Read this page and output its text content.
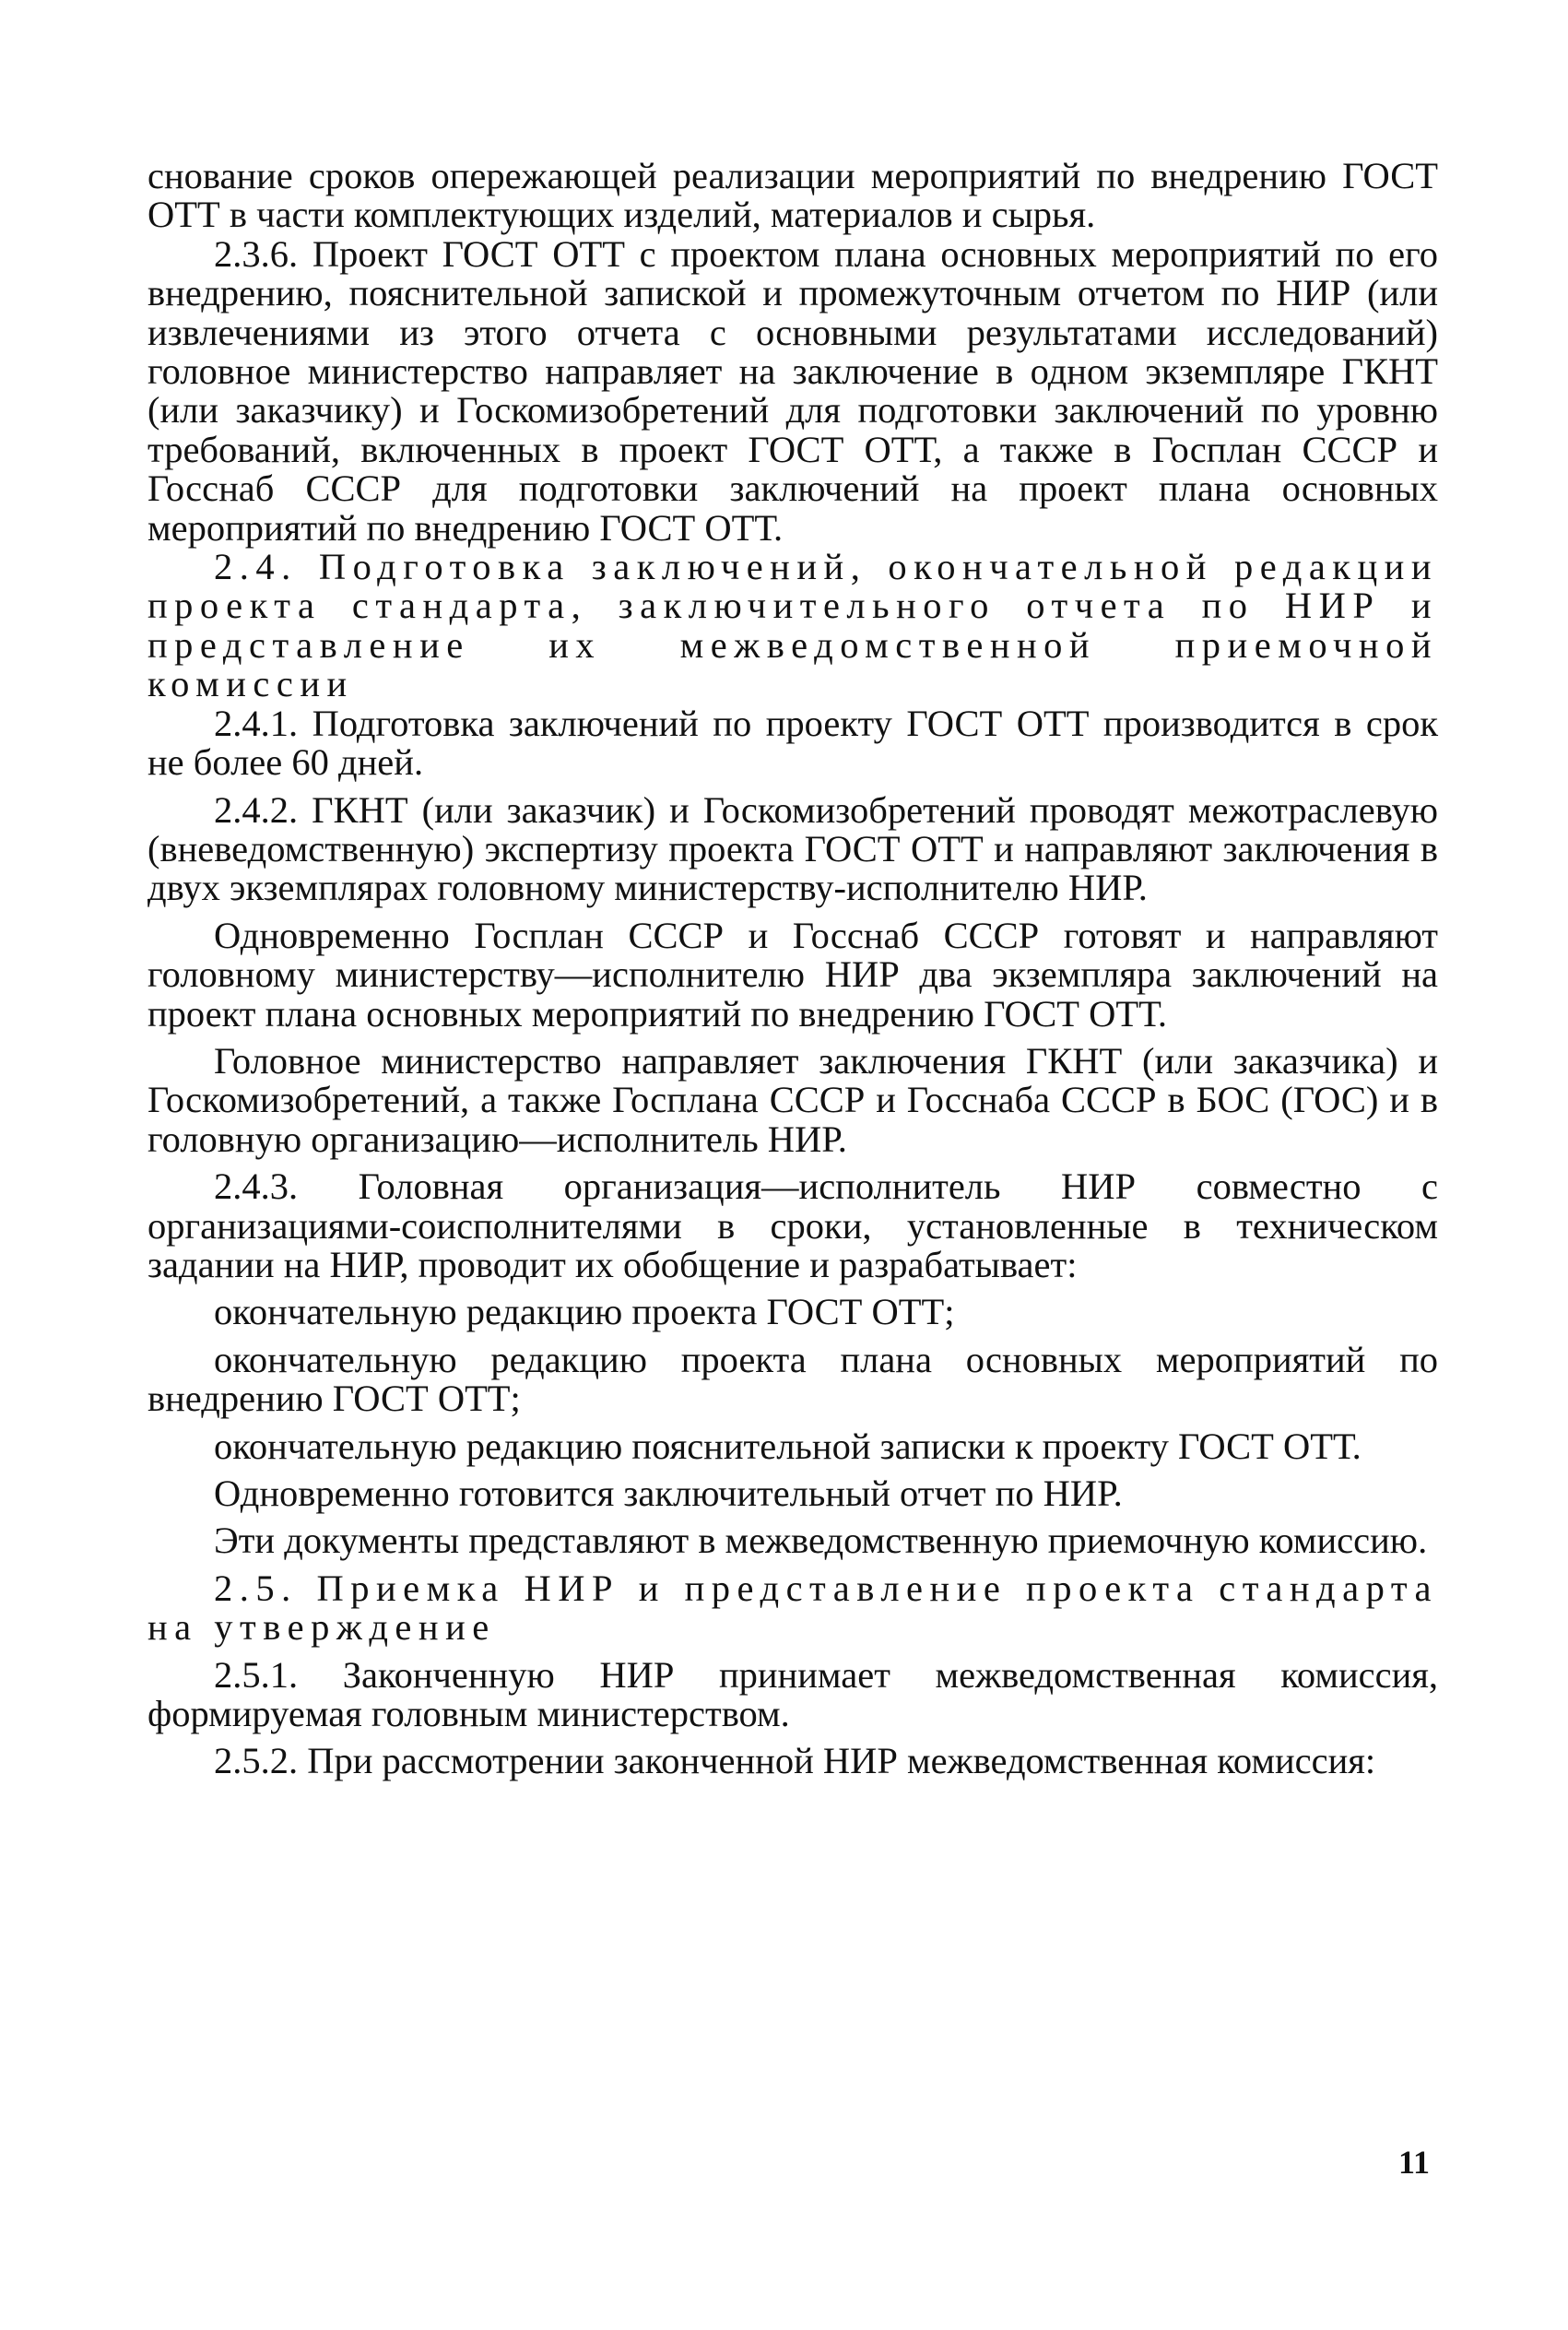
снование сроков опережающей реализации мероприятий по внедрению ГОСТ ОТТ в части комплектующих изделий, материалов и сырья.

2.3.6. Проект ГОСТ ОТТ с проектом плана основных мероприятий по его внедрению, пояснительной запиской и промежуточным отчетом по НИР (или извлечениями из этого отчета с основными результатами исследований) головное министерство направляет на заключение в одном экземпляре ГКНТ (или заказчику) и Госкомизобретений для подготовки заключений по уровню требований, включенных в проект ГОСТ ОТТ, а также в Госплан СССР и Госснаб СССР для подготовки заключений на проект плана основных мероприятий по внедрению ГОСТ ОТТ.

2.4. Подготовка заключений, окончательной редакции проекта стандарта, заключительного отчета по НИР и представление их межведомственной приемочной комиссии

2.4.1. Подготовка заключений по проекту ГОСТ ОТТ производится в срок не более 60 дней.

2.4.2. ГКНТ (или заказчик) и Госкомизобретений проводят межотраслевую (вневедомственную) экспертизу проекта ГОСТ ОТТ и направляют заключения в двух экземплярах головному министерству-исполнителю НИР.

Одновременно Госплан СССР и Госснаб СССР готовят и направляют головному министерству—исполнителю НИР два экземпляра заключений на проект плана основных мероприятий по внедрению ГОСТ ОТТ.

Головное министерство направляет заключения ГКНТ (или заказчика) и Госкомизобретений, а также Госплана СССР и Госснаба СССР в БОС (ГОС) и в головную организацию—исполнитель НИР.

2.4.3. Головная организация—исполнитель НИР совместно с организациями-соисполнителями в сроки, установленные в техническом задании на НИР, проводит их обобщение и разрабатывает:

окончательную редакцию проекта ГОСТ ОТТ;

окончательную редакцию проекта плана основных мероприятий по внедрению ГОСТ ОТТ;

окончательную редакцию пояснительной записки к проекту ГОСТ ОТТ.

Одновременно готовится заключительный отчет по НИР.

Эти документы представляют в межведомственную приемочную комиссию.

2.5. Приемка НИР и представление проекта стандарта на утверждение

2.5.1. Законченную НИР принимает межведомственная комиссия, формируемая головным министерством.

2.5.2. При рассмотрении законченной НИР межведомственная комиссия:

11
